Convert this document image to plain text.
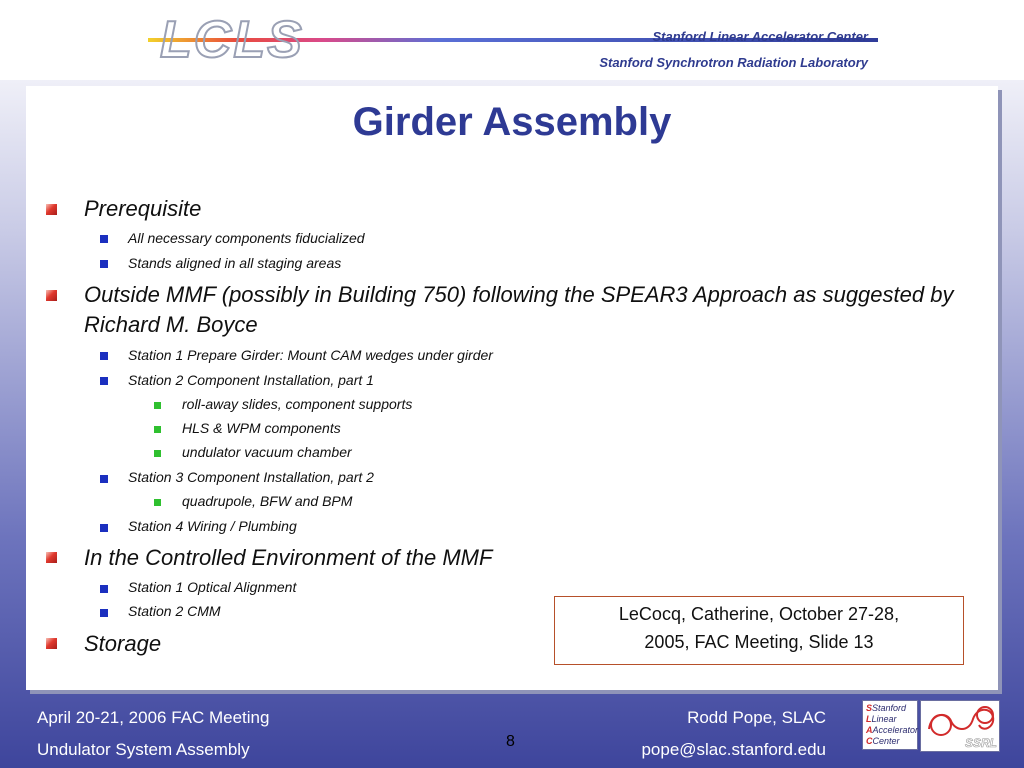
LCLS	Stanford Linear Accelerator Center
Stanford Synchrotron Radiation Laboratory
Girder Assembly
Prerequisite
All necessary components fiducialized
Stands aligned in all staging areas
Outside MMF (possibly in Building 750) following the SPEAR3 Approach as suggested by Richard M. Boyce
Station 1 Prepare Girder: Mount CAM wedges under girder
Station 2 Component Installation, part 1
roll-away slides, component supports
HLS & WPM components
undulator vacuum chamber
Station 3 Component Installation, part 2
quadrupole, BFW and BPM
Station 4 Wiring / Plumbing
In the Controlled Environment of the MMF
Station 1 Optical Alignment
Station 2 CMM
Storage
LeCocq, Catherine, October 27-28,
2005, FAC Meeting, Slide 13
April 20-21, 2006 FAC Meeting
Undulator System Assembly	8
Rodd Pope, SLAC
pope@slac.stanford.edu
SStanford
LLinear
AAccelerator
CCenter	SSRL
